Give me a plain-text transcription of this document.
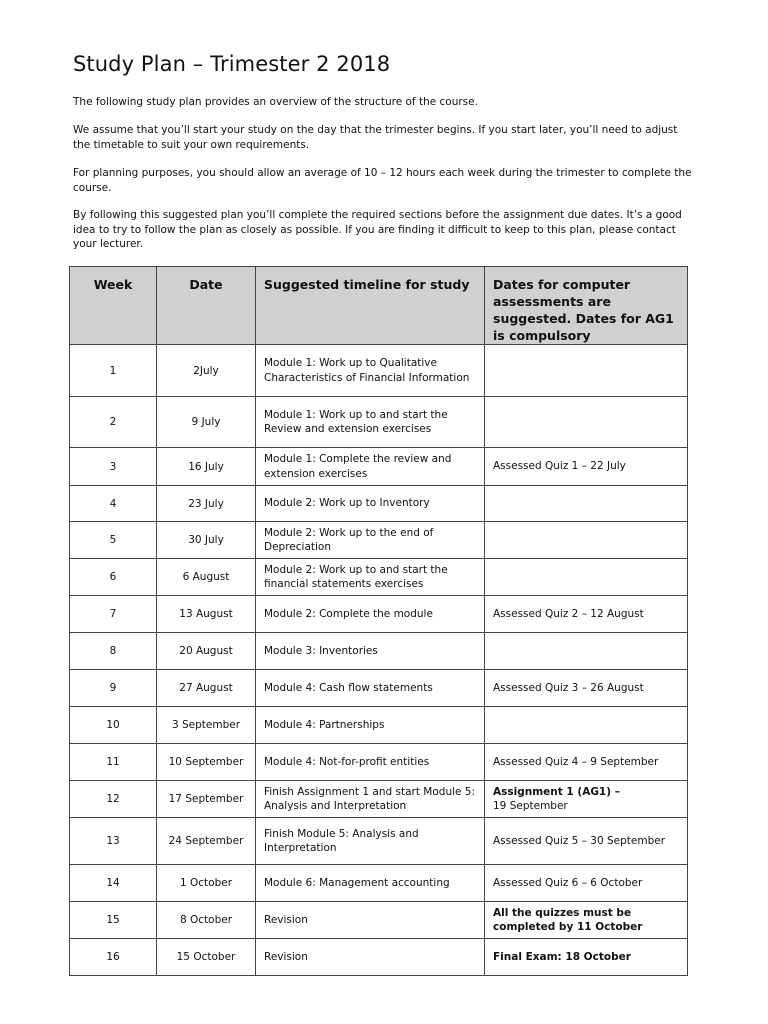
Study Plan – Trimester 2 2018
The following study plan provides an overview of the structure of the course.
We assume that you’ll start your study on the day that the trimester begins. If you start later, you’ll need to adjust the timetable to suit your own requirements.
For planning purposes, you should allow an average of 10 – 12 hours each week during the trimester to complete the course.
By following this suggested plan you’ll complete the required sections before the assignment due dates. It’s a good idea to try to follow the plan as closely as possible. If you are finding it difficult to keep to this plan, please contact your lecturer.
Week	Date	Suggested timeline for study	Dates for computer assessments are suggested. Dates for AG1 is compulsory
1	2July	Module 1: Work up to Qualitative Characteristics of Financial Information	
2	9 July	Module 1: Work up to and start the Review and extension exercises	
3	16 July	Module 1: Complete the review and extension exercises	Assessed Quiz 1 – 22 July
4	23 July	Module 2: Work up to Inventory	
5	30 July	Module 2: Work up to the end of Depreciation	
6	6 August	Module 2: Work up to and start the financial statements exercises	
7	13 August	Module 2: Complete the module	Assessed Quiz 2 – 12 August
8	20 August	Module 3: Inventories	
9	27 August	Module 4: Cash flow statements	Assessed Quiz 3 – 26 August
10	3 September	Module 4: Partnerships	
11	10 September	Module 4: Not-for-profit entities	Assessed Quiz 4 – 9 September
12	17 September	Finish Assignment 1 and start Module 5: Analysis and Interpretation	Assignment 1 (AG1) –
19 September

13	24 September	Finish Module 5: Analysis and Interpretation	Assessed Quiz 5 – 30 September
14	1 October	Module 6: Management accounting	Assessed Quiz 6 – 6 October
15	8 October	Revision	All the quizzes must be completed by 11 October

16	15 October	Revision	Final Exam: 18 October
